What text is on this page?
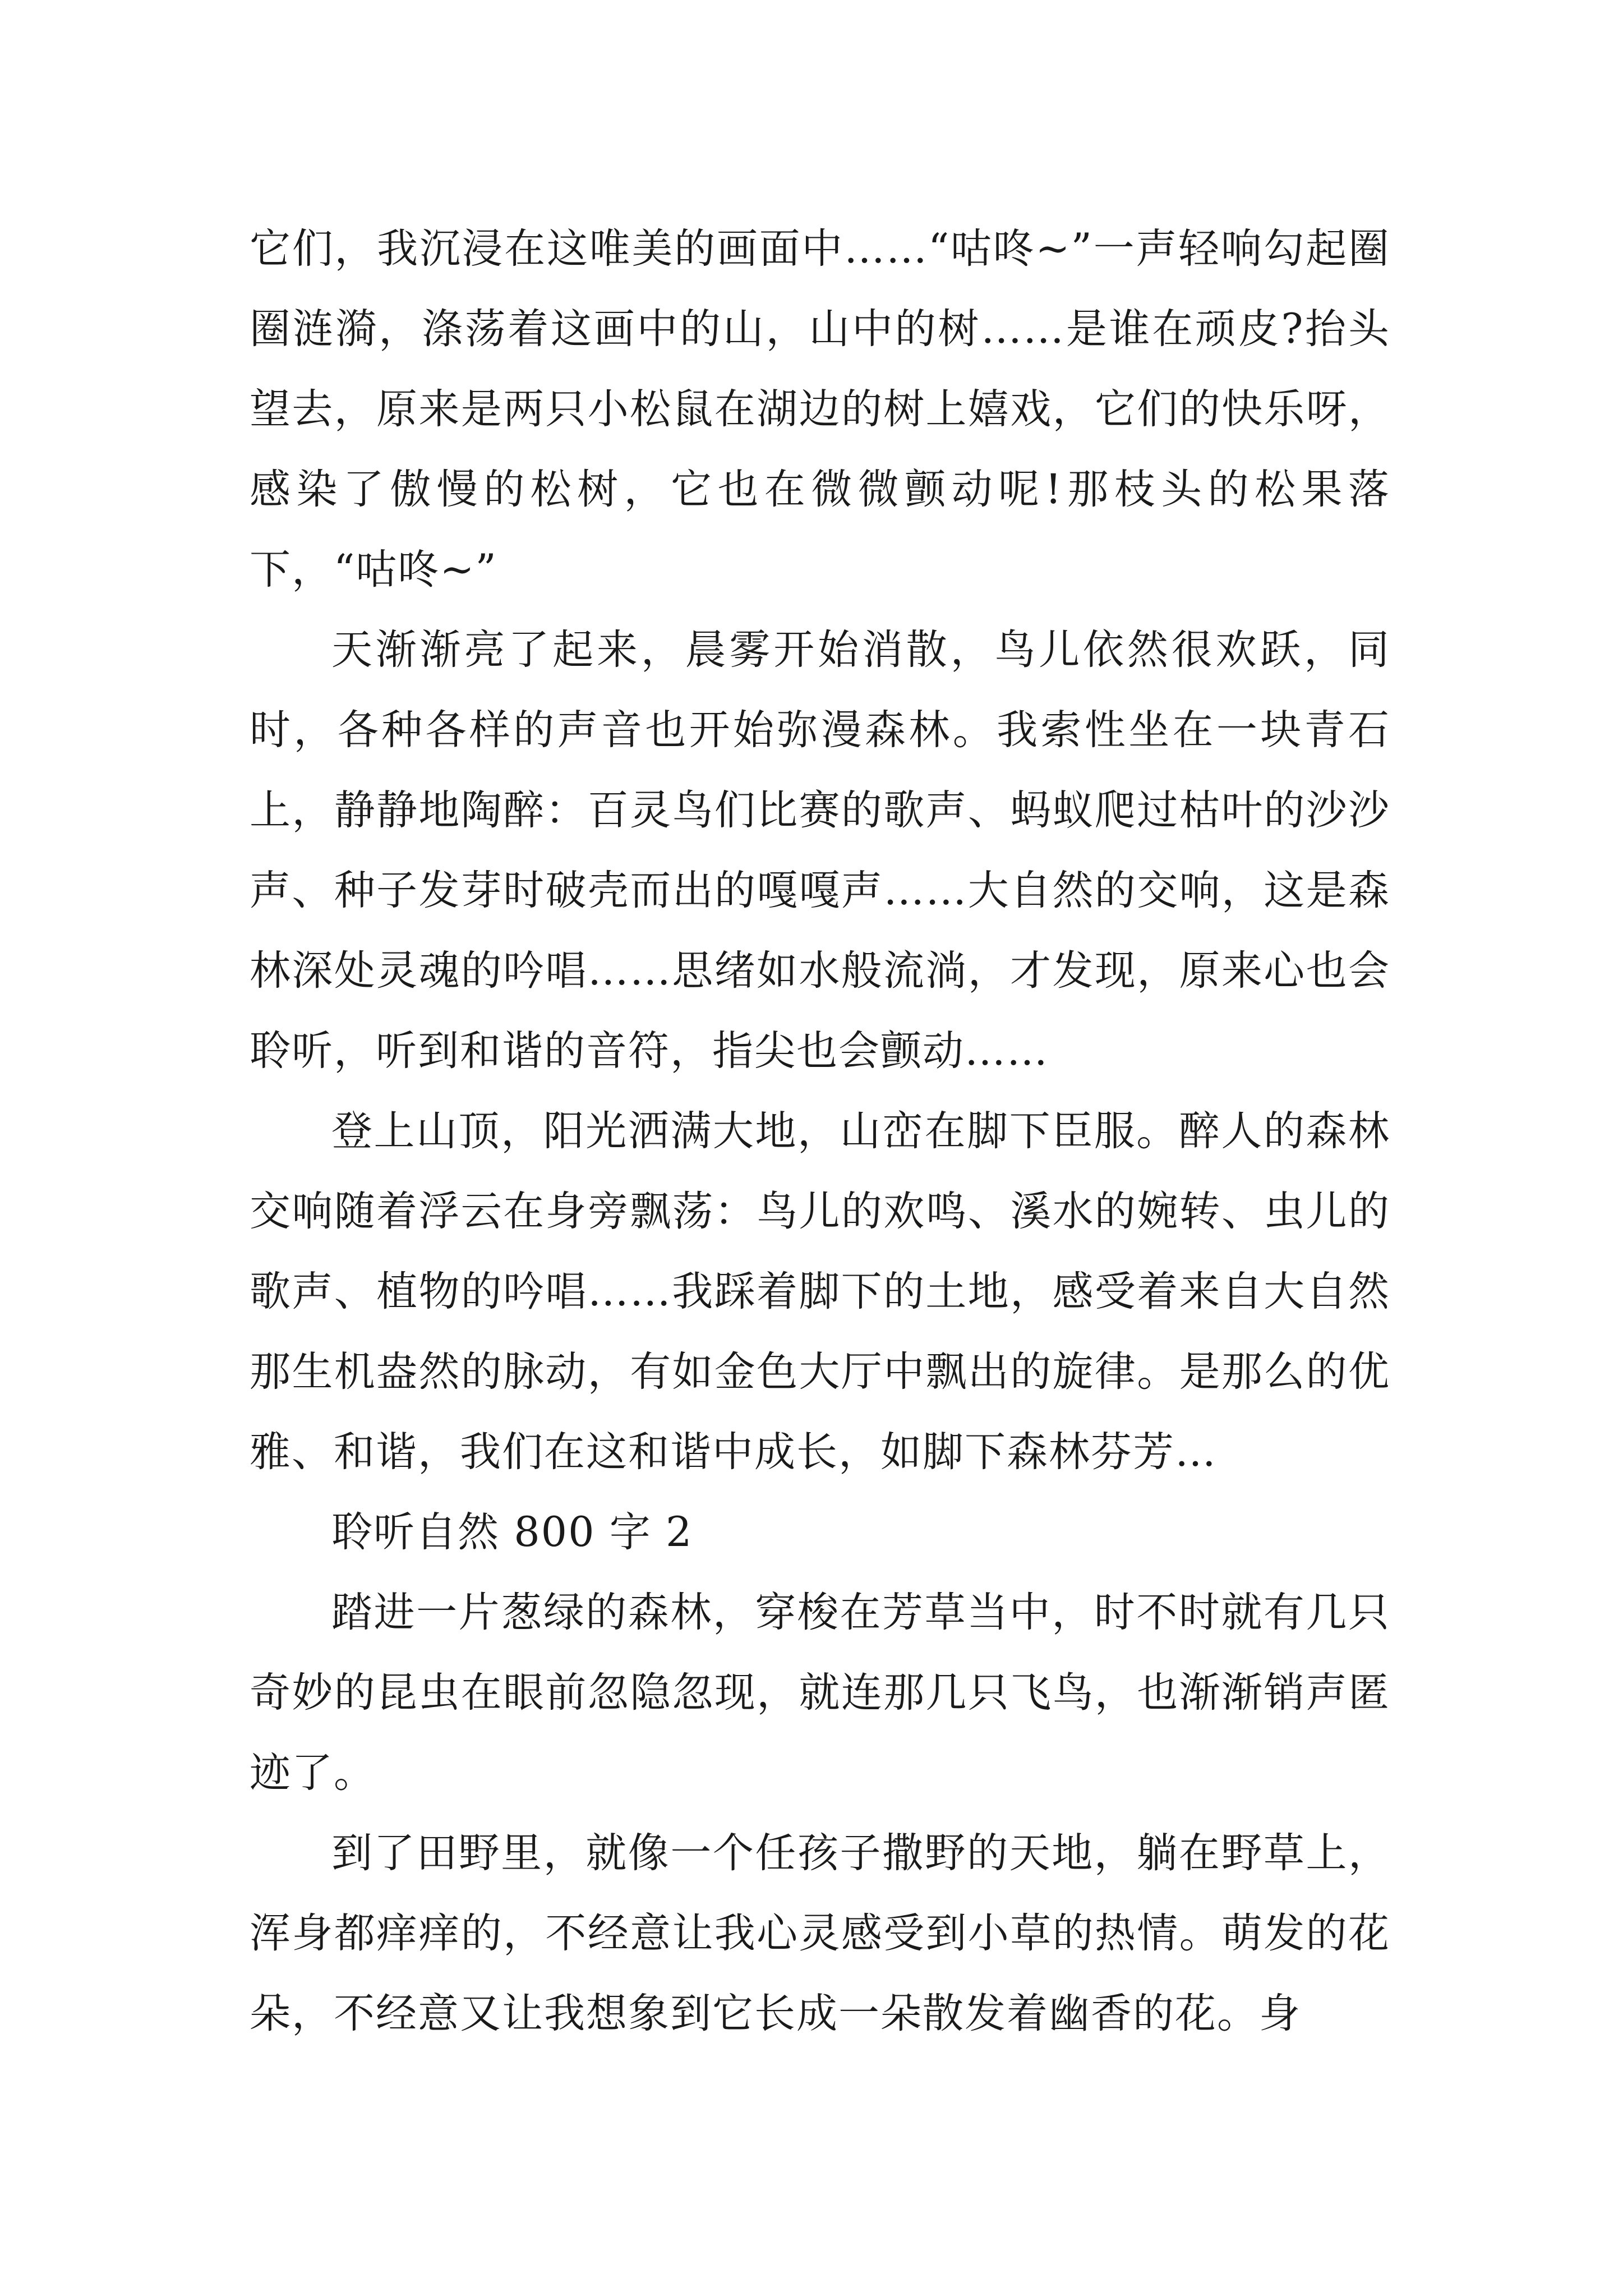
它们，我沉浸在这唯美的画面中……“咕咚~”一声轻响勾起圈圈涟漪，涤荡着这画中的山，山中的树……是谁在顽皮?抬头望去，原来是两只小松鼠在湖边的树上嬉戏，它们的快乐呀，感染了傲慢的松树，它也在微微颤动呢!那枝头的松果落下，“咕咚~”

天渐渐亮了起来，晨雾开始消散，鸟儿依然很欢跃，同时，各种各样的声音也开始弥漫森林。我索性坐在一块青石上，静静地陶醉：百灵鸟们比赛的歌声、蚂蚁爬过枯叶的沙沙声、种子发芽时破壳而出的嘎嘎声……大自然的交响，这是森林深处灵魂的吟唱……思绪如水般流淌，才发现，原来心也会聆听，听到和谐的音符，指尖也会颤动……

登上山顶，阳光洒满大地，山峦在脚下臣服。醉人的森林交响随着浮云在身旁飘荡：鸟儿的欢鸣、溪水的婉转、虫儿的歌声、植物的吟唱……我踩着脚下的土地，感受着来自大自然那生机盎然的脉动，有如金色大厅中飘出的旋律。是那么的优雅、和谐，我们在这和谐中成长，如脚下森林芬芳…

聆听自然 800 字 2

踏进一片葱绿的森林，穿梭在芳草当中，时不时就有几只奇妙的昆虫在眼前忽隐忽现，就连那几只飞鸟，也渐渐销声匿迹了。

到了田野里，就像一个任孩子撒野的天地，躺在野草上，浑身都痒痒的，不经意让我心灵感受到小草的热情。萌发的花朵，不经意又让我想象到它长成一朵散发着幽香的花。身
